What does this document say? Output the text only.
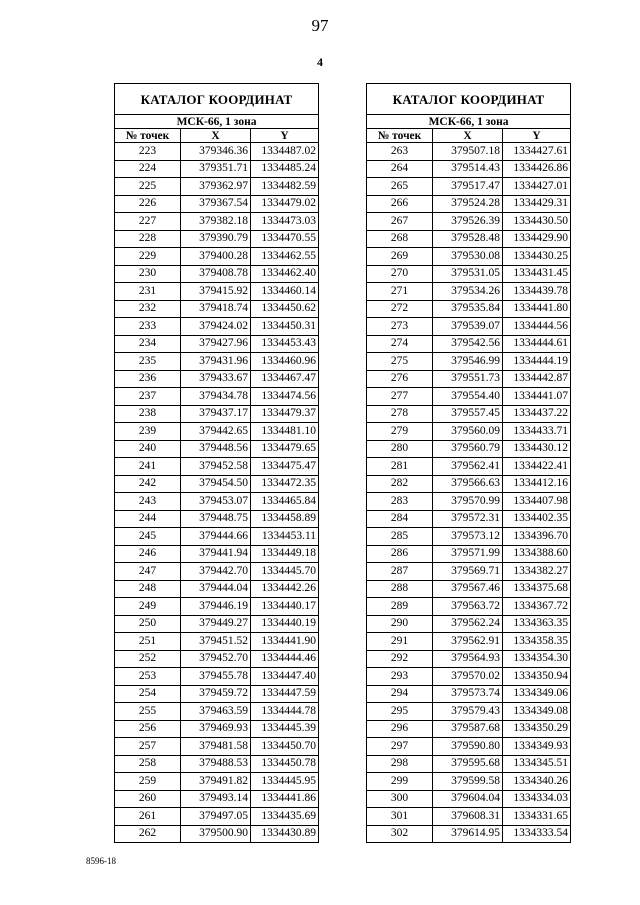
97
4
КАТАЛОГ КООРДИНАТ		
МСК-66, 1 зона		
№ точек	X	Y
223	379346.36	1334487.02
224	379351.71	1334485.24
225	379362.97	1334482.59
226	379367.54	1334479.02
227	379382.18	1334473.03
228	379390.79	1334470.55
229	379400.28	1334462.55
230	379408.78	1334462.40
231	379415.92	1334460.14
232	379418.74	1334450.62
233	379424.02	1334450.31
234	379427.96	1334453.43
235	379431.96	1334460.96
236	379433.67	1334467.47
237	379434.78	1334474.56
238	379437.17	1334479.37
239	379442.65	1334481.10
240	379448.56	1334479.65
241	379452.58	1334475.47
242	379454.50	1334472.35
243	379453.07	1334465.84
244	379448.75	1334458.89
245	379444.66	1334453.11
246	379441.94	1334449.18
247	379442.70	1334445.70
248	379444.04	1334442.26
249	379446.19	1334440.17
250	379449.27	1334440.19
251	379451.52	1334441.90
252	379452.70	1334444.46
253	379455.78	1334447.40
254	379459.72	1334447.59
255	379463.59	1334444.78
256	379469.93	1334445.39
257	379481.58	1334450.70
258	379488.53	1334450.78
259	379491.82	1334445.95
260	379493.14	1334441.86
261	379497.05	1334435.69
262	379500.90	1334430.89
КАТАЛОГ КООРДИНАТ		
МСК-66, 1 зона		
№ точек	X	Y
263	379507.18	1334427.61
264	379514.43	1334426.86
265	379517.47	1334427.01
266	379524.28	1334429.31
267	379526.39	1334430.50
268	379528.48	1334429.90
269	379530.08	1334430.25
270	379531.05	1334431.45
271	379534.26	1334439.78
272	379535.84	1334441.80
273	379539.07	1334444.56
274	379542.56	1334444.61
275	379546.99	1334444.19
276	379551.73	1334442.87
277	379554.40	1334441.07
278	379557.45	1334437.22
279	379560.09	1334433.71
280	379560.79	1334430.12
281	379562.41	1334422.41
282	379566.63	1334412.16
283	379570.99	1334407.98
284	379572.31	1334402.35
285	379573.12	1334396.70
286	379571.99	1334388.60
287	379569.71	1334382.27
288	379567.46	1334375.68
289	379563.72	1334367.72
290	379562.24	1334363.35
291	379562.91	1334358.35
292	379564.93	1334354.30
293	379570.02	1334350.94
294	379573.74	1334349.06
295	379579.43	1334349.08
296	379587.68	1334350.29
297	379590.80	1334349.93
298	379595.68	1334345.51
299	379599.58	1334340.26
300	379604.04	1334334.03
301	379608.31	1334331.65
302	379614.95	1334333.54
8596-18
